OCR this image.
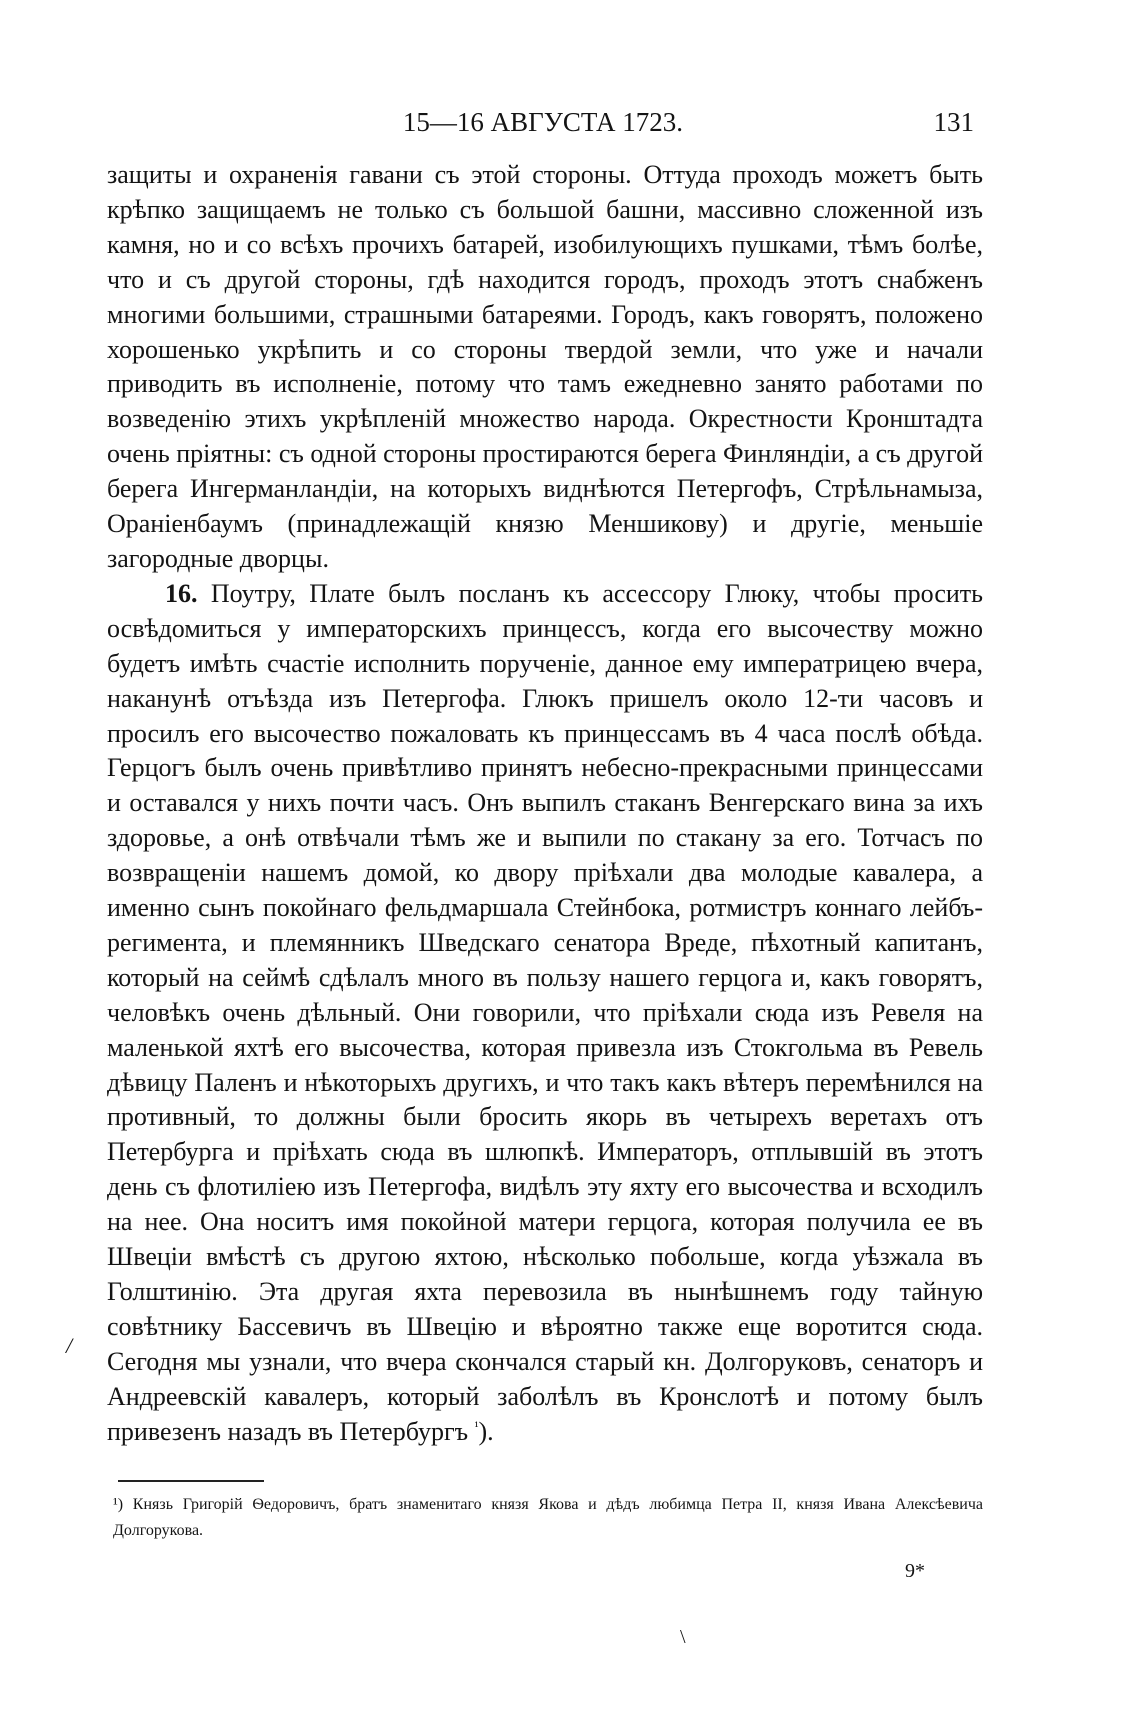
15—16 АВГУСТА 1723.	131

защиты и охраненія гавани съ этой стороны. Оттуда проходъ можетъ быть крѣпко защищаемъ не только съ большой башни, массивно сложенной изъ камня, но и со всѣхъ прочихъ батарей, изобилующихъ пушками, тѣмъ болѣе, что и съ другой стороны, гдѣ находится городъ, проходъ этотъ снабженъ многими большими, страшными батареями. Городъ, какъ говорятъ, положено хорошенько укрѣпить и со стороны твердой земли, что уже и начали приводить въ исполненіе, потому что тамъ ежедневно занято работами по возведенію этихъ укрѣпленій множество народа. Окрестности Кронштадта очень пріятны: съ одной стороны простираются берега Финляндіи, а съ другой берега Ингерманландіи, на которыхъ виднѣются Петергофъ, Стрѣльнамыза, Ораніенбаумъ (принадлежащій князю Меншикову) и другіе, меньшіе загородные дворцы.

16. Поутру, Плате былъ посланъ къ ассессору Глюку, чтобы просить освѣдомиться у императорскихъ принцессъ, когда его высочеству можно будетъ имѣть счастіе исполнить порученіе, данное ему императрицею вчера, наканунѣ отъѣзда изъ Петергофа. Глюкъ пришелъ около 12-ти часовъ и просилъ его высочество пожаловать къ принцессамъ въ 4 часа послѣ обѣда. Герцогъ былъ очень привѣтливо принятъ небесно-прекрасными принцессами и оставался у нихъ почти часъ. Онъ выпилъ стаканъ Венгерскаго вина за ихъ здоровье, а онѣ отвѣчали тѣмъ же и выпили по стакану за его. Тотчасъ по возвращеніи нашемъ домой, ко двору пріѣхали два молодые кавалера, а именно сынъ покойнаго фельдмаршала Стейнбока, ротмистръ коннаго лейбъ-регимента, и племянникъ Шведскаго сенатора Вреде, пѣхотный капитанъ, который на сеймѣ сдѣлалъ много въ пользу нашего герцога и, какъ говорятъ, человѣкъ очень дѣльный. Они говорили, что пріѣхали сюда изъ Ревеля на маленькой яхтѣ его высочества, которая привезла изъ Стокгольма въ Ревель дѣвицу Паленъ и нѣкоторыхъ другихъ, и что такъ какъ вѣтеръ перемѣнился на противный, то должны были бросить якорь въ четырехъ веретахъ отъ Петербурга и пріѣхать сюда въ шлюпкѣ. Императоръ, отплывшій въ этотъ день съ флотиліею изъ Петергофа, видѣлъ эту яхту его высочества и всходилъ на нее. Она носитъ имя покойной матери герцога, которая получила ее въ Швеціи вмѣстѣ съ другою яхтою, нѣсколько побольше, когда уѣзжала въ Голштинію. Эта другая яхта перевозила въ нынѣшнемъ году тайную совѣтнику Бассевичъ въ Швецію и вѣроятно также еще воротится сюда. Сегодня мы узнали, что вчера скончался старый кн. Долгоруковъ, сенаторъ и Андреевскій кавалеръ, который заболѣлъ въ Кронслотѣ и потому былъ привезенъ назадъ въ Петербургъ $^{^1}$).

¹) Князь Григорій Ѳедоровичъ, братъ знаменитаго князя Якова и дѣдъ любимца Петра II, князя Ивана Алексѣевича Долгорукова.
9*
/
\
